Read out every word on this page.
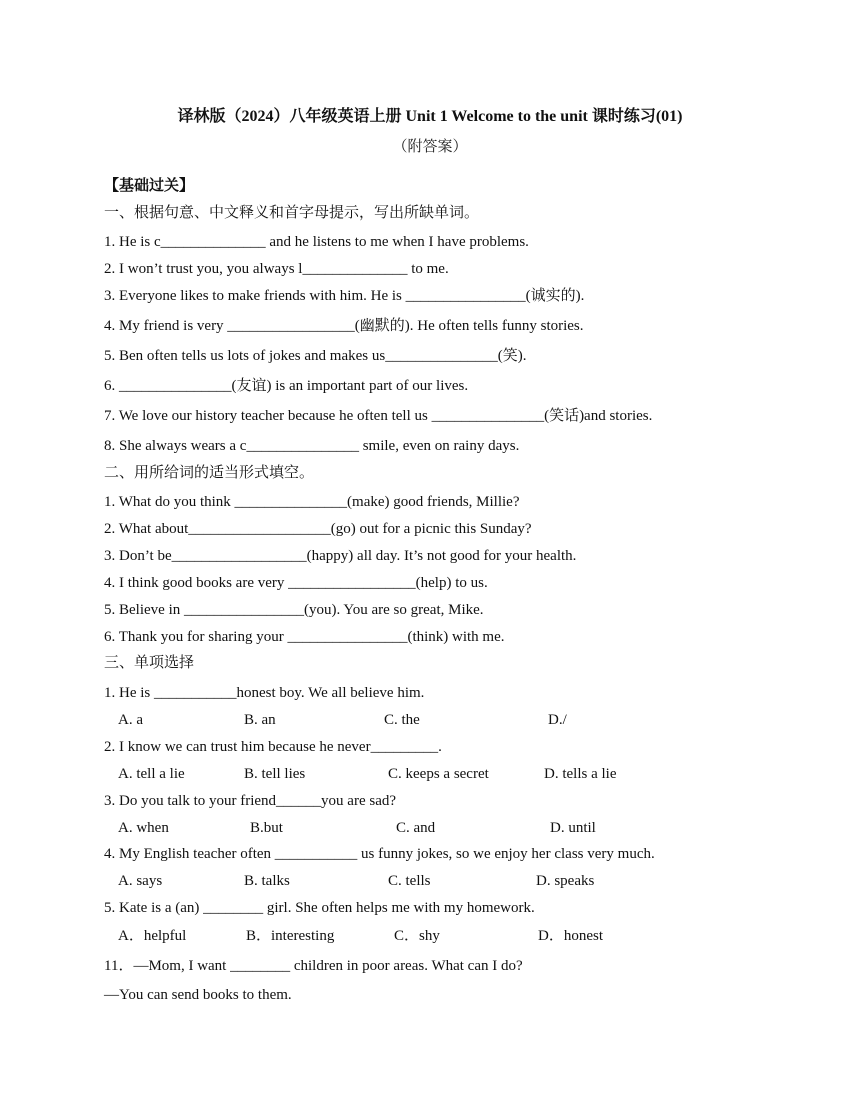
译林版（2024）八年级英语上册 Unit 1 Welcome to the unit 课时练习(01)
（附答案）
【基础过关】
一、根据句意、中文释义和首字母提示，写出所缺单词。
1. He is c______________ and he listens to me when I have problems.
2. I won’t trust you, you always l______________ to me.
3. Everyone likes to make friends with him. He is ________________(诚实的).
4. My friend is very _________________(幽默的). He often tells funny stories.
5. Ben often tells us lots of jokes and makes us_______________(笑).
6. _______________(友谊) is an important part of our lives.
7. We love our history teacher because he often tell us _______________(笑话)and stories.
8. She always wears a c_______________ smile, even on rainy days.
二、用所给词的适当形式填空。
1. What do you think _______________(make) good friends, Millie?
2. What about___________________(go) out for a picnic this Sunday?
3. Don’t be__________________(happy) all day. It’s not good for your health.
4. I think good books are very _________________(help) to us.
5. Believe in ________________(you). You are so great, Mike.
6. Thank you for sharing your ________________(think) with me.
三、单项选择
1. He is ___________honest boy. We all believe him.
A. a	B. an	C. the	D./
2. I know we can trust him because he never_________.
A. tell a lie	B. tell lies	C. keeps a secret	D. tells a lie
3. Do you talk to your friend______you are sad?
A. when	B.but	C. and	D. until
4. My English teacher often ___________ us funny jokes, so we enjoy her class very much.
A. says	B. talks	C. tells	D. speaks
5. Kate is a (an) ________ girl. She often helps me with my homework.
A．helpful	B．interesting	C．shy	D．honest
11．—Mom, I want ________ children in poor areas. What can I do?
—You can send books to them.
